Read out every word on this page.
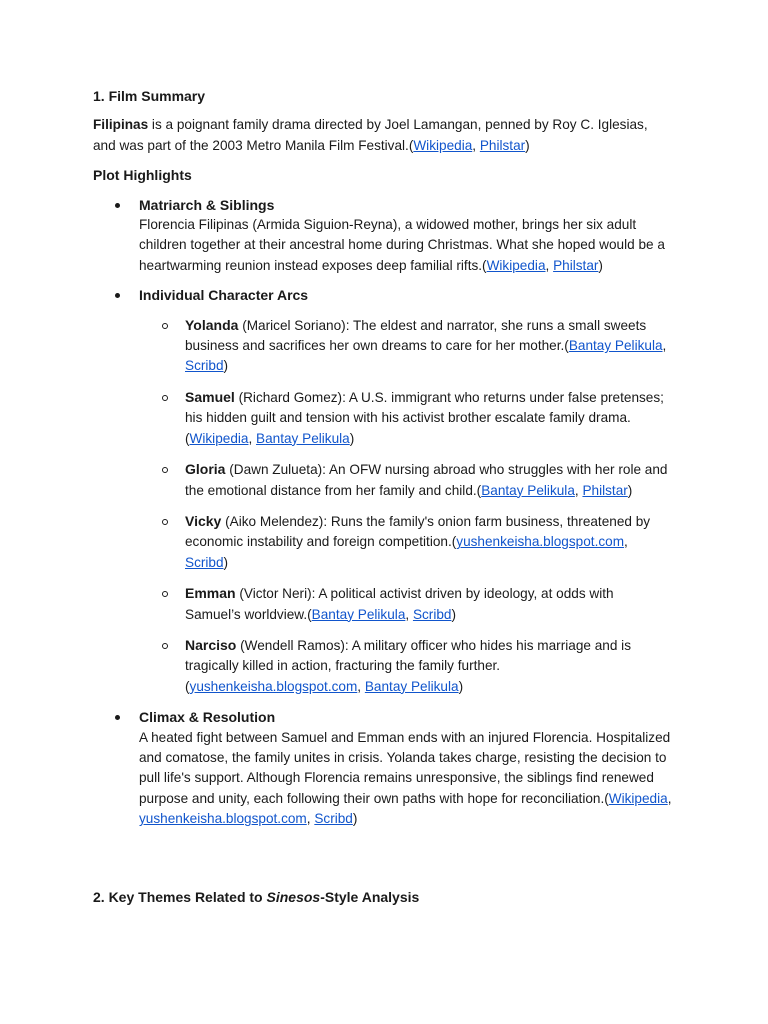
1. Film Summary

Filipinas is a poignant family drama directed by Joel Lamangan, penned by Roy C. Iglesias, and was part of the 2003 Metro Manila Film Festival.(Wikipedia, Philstar)

Plot Highlights

Matriarch & Siblings
Florencia Filipinas (Armida Siguion-Reyna), a widowed mother, brings her six adult children together at their ancestral home during Christmas. What she hoped would be a heartwarming reunion instead exposes deep familial rifts.(Wikipedia, Philstar)
Individual Character Arcs
Yolanda (Maricel Soriano): The eldest and narrator, she runs a small sweets business and sacrifices her own dreams to care for her mother.(Bantay Pelikula, Scribd)
Samuel (Richard Gomez): A U.S. immigrant who returns under false pretenses; his hidden guilt and tension with his activist brother escalate family drama.(Wikipedia, Bantay Pelikula)
Gloria (Dawn Zulueta): An OFW nursing abroad who struggles with her role and the emotional distance from her family and child.(Bantay Pelikula, Philstar)
Vicky (Aiko Melendez): Runs the family's onion farm business, threatened by economic instability and foreign competition.(yushenkeisha.blogspot.com, Scribd)
Emman (Victor Neri): A political activist driven by ideology, at odds with Samuel’s worldview.(Bantay Pelikula, Scribd)
Narciso (Wendell Ramos): A military officer who hides his marriage and is tragically killed in action, fracturing the family further.(yushenkeisha.blogspot.com, Bantay Pelikula)
Climax & Resolution
A heated fight between Samuel and Emman ends with an injured Florencia. Hospitalized and comatose, the family unites in crisis. Yolanda takes charge, resisting the decision to pull life's support. Although Florencia remains unresponsive, the siblings find renewed purpose and unity, each following their own paths with hope for reconciliation.(Wikipedia, yushenkeisha.blogspot.com, Scribd)

2. Key Themes Related to Sinesos-Style Analysis
